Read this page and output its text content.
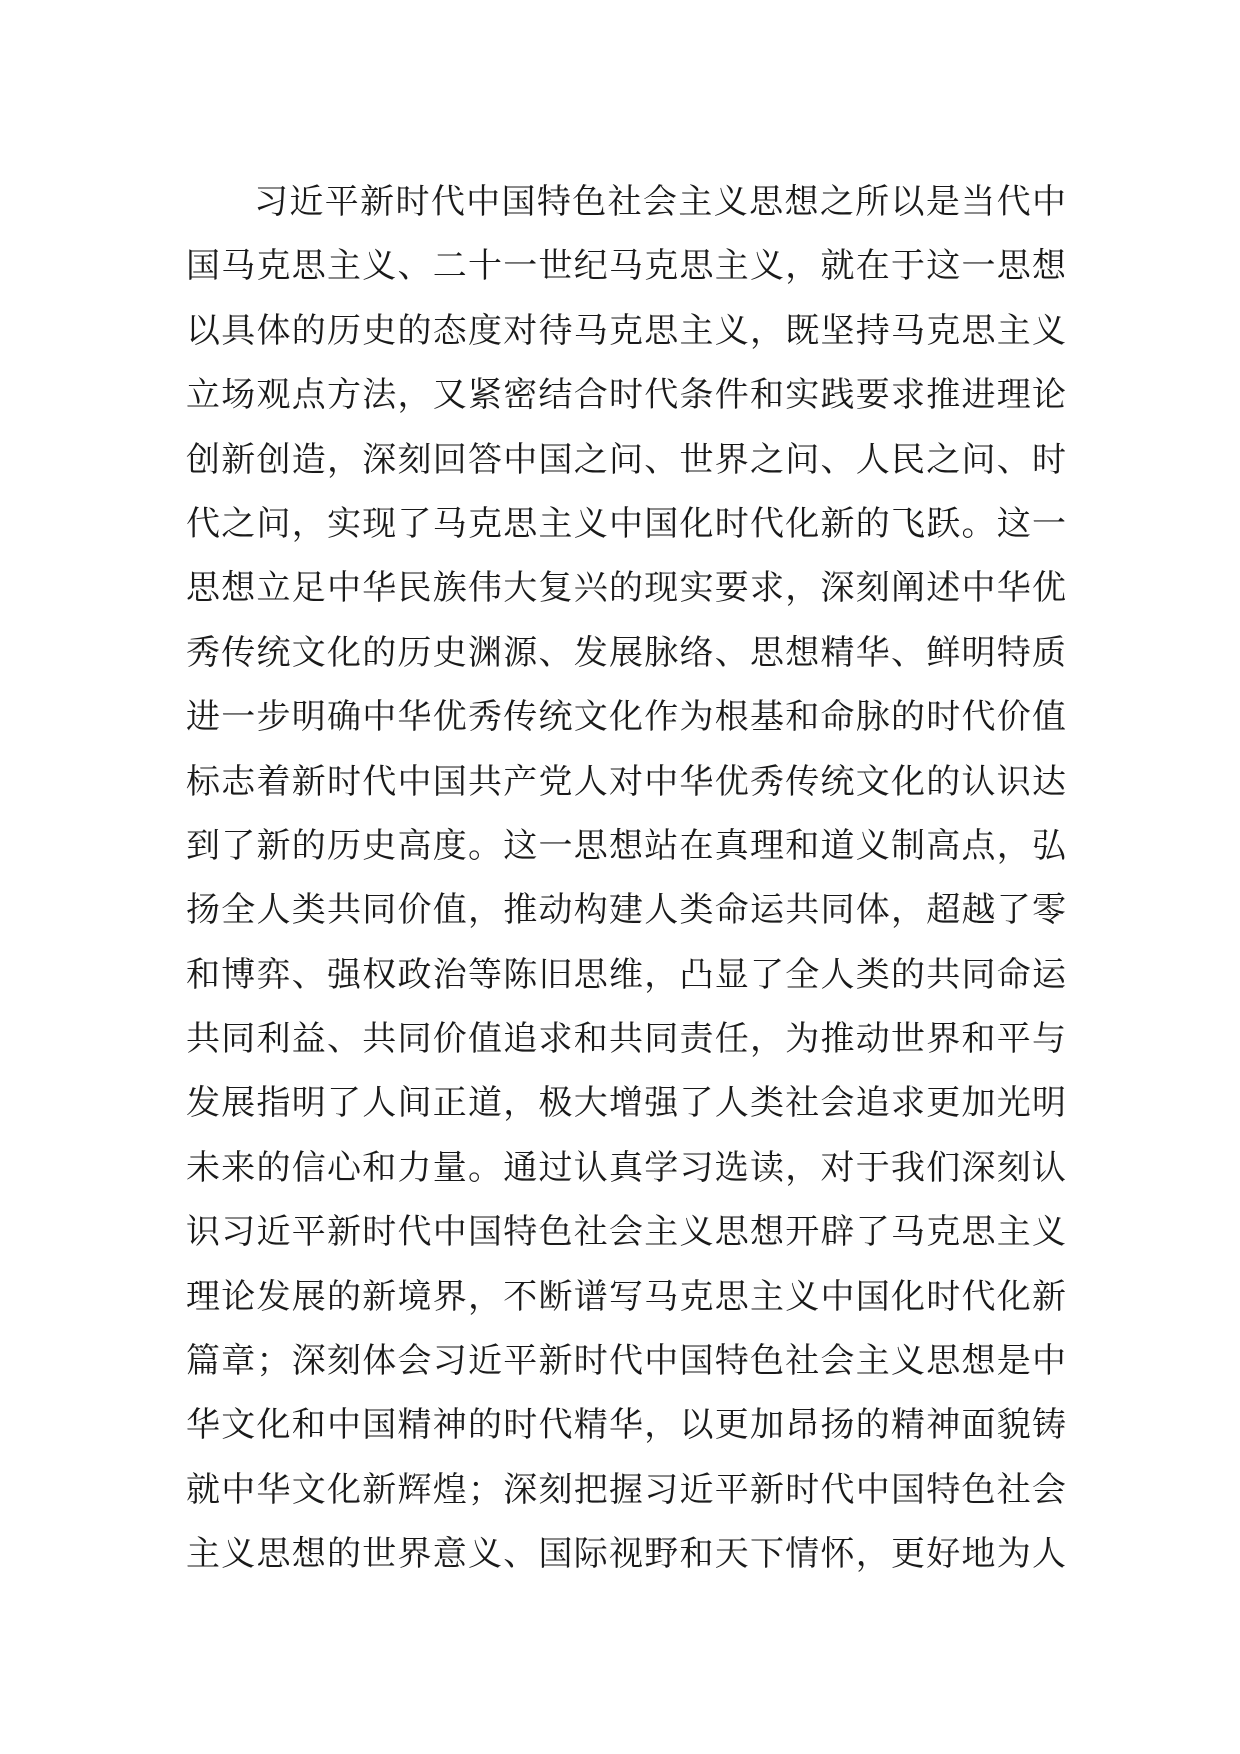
习近平新时代中国特色社会主义思想之所以是当代中
国马克思主义、二十一世纪马克思主义，就在于这一思想
以具体的历史的态度对待马克思主义，既坚持马克思主义
立场观点方法，又紧密结合时代条件和实践要求推进理论
创新创造，深刻回答中国之问、世界之问、人民之问、时
代之问，实现了马克思主义中国化时代化新的飞跃。这一
思想立足中华民族伟大复兴的现实要求，深刻阐述中华优
秀传统文化的历史渊源、发展脉络、思想精华、鲜明特质
进一步明确中华优秀传统文化作为根基和命脉的时代价值
标志着新时代中国共产党人对中华优秀传统文化的认识达
到了新的历史高度。这一思想站在真理和道义制高点，弘
扬全人类共同价值，推动构建人类命运共同体，超越了零
和博弈、强权政治等陈旧思维，凸显了全人类的共同命运
共同利益、共同价值追求和共同责任，为推动世界和平与
发展指明了人间正道，极大增强了人类社会追求更加光明
未来的信心和力量。通过认真学习选读，对于我们深刻认
识习近平新时代中国特色社会主义思想开辟了马克思主义
理论发展的新境界，不断谱写马克思主义中国化时代化新
篇章；深刻体会习近平新时代中国特色社会主义思想是中
华文化和中国精神的时代精华，以更加昂扬的精神面貌铸
就中华文化新辉煌；深刻把握习近平新时代中国特色社会
主义思想的世界意义、国际视野和天下情怀，更好地为人
